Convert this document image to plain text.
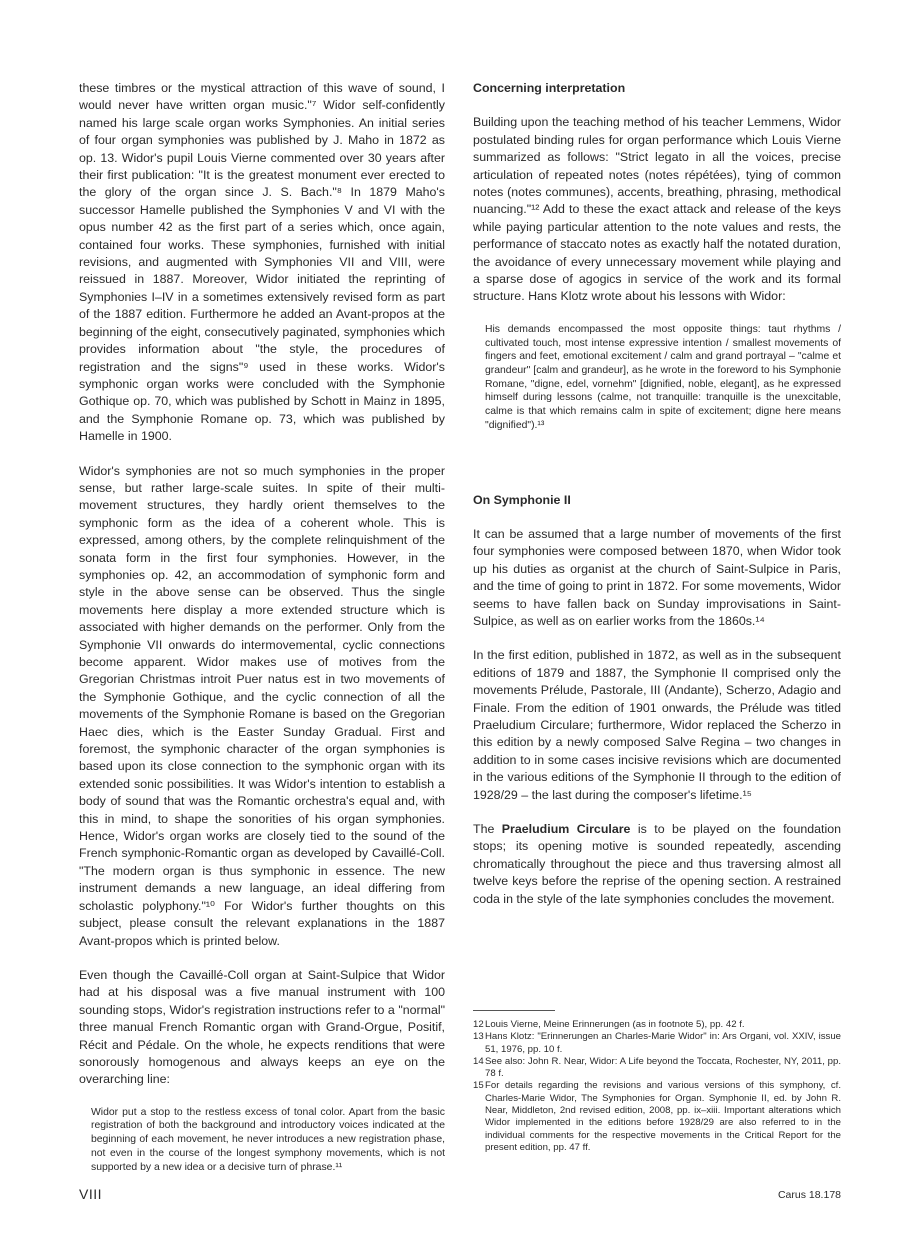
these timbres or the mystical attraction of this wave of sound, I would never have written organ music."⁷ Widor self-confidently named his large scale organ works Symphonies. An initial series of four organ symphonies was published by J. Maho in 1872 as op. 13. Widor's pupil Louis Vierne commented over 30 years after their first publication: "It is the greatest monument ever erected to the glory of the organ since J. S. Bach."⁸ In 1879 Maho's successor Hamelle published the Symphonies V and VI with the opus number 42 as the first part of a series which, once again, contained four works. These symphonies, furnished with initial revisions, and augmented with Symphonies VII and VIII, were reissued in 1887. Moreover, Widor initiated the reprinting of Symphonies I–IV in a sometimes extensively revised form as part of the 1887 edition. Furthermore he added an Avant-propos at the beginning of the eight, consecutively paginated, symphonies which provides information about "the style, the procedures of registration and the signs"⁹ used in these works. Widor's symphonic organ works were concluded with the Symphonie Gothique op. 70, which was published by Schott in Mainz in 1895, and the Symphonie Romane op. 73, which was published by Hamelle in 1900.

Widor's symphonies are not so much symphonies in the proper sense, but rather large-scale suites. In spite of their multi-movement structures, they hardly orient themselves to the symphonic form as the idea of a coherent whole. This is expressed, among others, by the complete relinquishment of the sonata form in the first four symphonies. However, in the symphonies op. 42, an accommodation of symphonic form and style in the above sense can be observed. Thus the single movements here display a more extended structure which is associated with higher demands on the performer. Only from the Symphonie VII onwards do intermovemental, cyclic connections become apparent. Widor makes use of motives from the Gregorian Christmas introit Puer natus est in two movements of the Symphonie Gothique, and the cyclic connection of all the movements of the Symphonie Romane is based on the Gregorian Haec dies, which is the Easter Sunday Gradual. First and foremost, the symphonic character of the organ symphonies is based upon its close connection to the symphonic organ with its extended sonic possibilities. It was Widor's intention to establish a body of sound that was the Romantic orchestra's equal and, with this in mind, to shape the sonorities of his organ symphonies. Hence, Widor's organ works are closely tied to the sound of the French symphonic-Romantic organ as developed by Cavaillé-Coll. "The modern organ is thus symphonic in essence. The new instrument demands a new language, an ideal differing from scholastic polyphony."¹⁰ For Widor's further thoughts on this subject, please consult the relevant explanations in the 1887 Avant-propos which is printed below.

Even though the Cavaillé-Coll organ at Saint-Sulpice that Widor had at his disposal was a five manual instrument with 100 sounding stops, Widor's registration instructions refer to a "normal" three manual French Romantic organ with Grand-Orgue, Positif, Récit and Pédale. On the whole, he expects renditions that were sonorously homogenous and always keeps an eye on the overarching line:

Widor put a stop to the restless excess of tonal color. Apart from the basic registration of both the background and introductory voices indicated at the beginning of each movement, he never introduces a new registration phase, not even in the course of the longest symphony movements, which is not supported by a new idea or a decisive turn of phrase.¹¹
Concerning interpretation

Building upon the teaching method of his teacher Lemmens, Widor postulated binding rules for organ performance which Louis Vierne summarized as follows: "Strict legato in all the voices, precise articulation of repeated notes (notes répétées), tying of common notes (notes communes), accents, breathing, phrasing, methodical nuancing."¹² Add to these the exact attack and release of the keys while paying particular attention to the note values and rests, the performance of staccato notes as exactly half the notated duration, the avoidance of every unnecessary movement while playing and a sparse dose of agogics in service of the work and its formal structure. Hans Klotz wrote about his lessons with Widor:

His demands encompassed the most opposite things: taut rhythms / cultivated touch, most intense expressive intention / smallest movements of fingers and feet, emotional excitement / calm and grand portrayal – "calme et grandeur" [calm and grandeur], as he wrote in the foreword to his Symphonie Romane, "digne, edel, vornehm" [dignified, noble, elegant], as he expressed himself during lessons (calme, not tranquille: tranquille is the unexcitable, calme is that which remains calm in spite of excitement; digne here means "dignified").¹³
On Symphonie II

It can be assumed that a large number of movements of the first four symphonies were composed between 1870, when Widor took up his duties as organist at the church of Saint-Sulpice in Paris, and the time of going to print in 1872. For some movements, Widor seems to have fallen back on Sunday improvisations in Saint-Sulpice, as well as on earlier works from the 1860s.¹⁴

In the first edition, published in 1872, as well as in the subsequent editions of 1879 and 1887, the Symphonie II comprised only the movements Prélude, Pastorale, III (Andante), Scherzo, Adagio and Finale. From the edition of 1901 onwards, the Prélude was titled Praeludium Circulare; furthermore, Widor replaced the Scherzo in this edition by a newly composed Salve Regina – two changes in addition to in some cases incisive revisions which are documented in the various editions of the Symphonie II through to the edition of 1928/29 – the last during the composer's lifetime.¹⁵

The Praeludium Circulare is to be played on the foundation stops; its opening motive is sounded repeatedly, ascending chromatically throughout the piece and thus traversing almost all twelve keys before the reprise of the opening section. A restrained coda in the style of the late symphonies concludes the movement.

12 Louis Vierne, Meine Erinnerungen (as in footnote 5), pp. 42 f.
13 Hans Klotz: "Erinnerungen an Charles-Marie Widor" in: Ars Organi, vol. XXIV, issue 51, 1976, pp. 10 f.
14 See also: John R. Near, Widor: A Life beyond the Toccata, Rochester, NY, 2011, pp. 78 f.
15 For details regarding the revisions and various versions of this symphony, cf. Charles-Marie Widor, The Symphonies for Organ. Symphonie II, ed. by John R. Near, Middleton, 2nd revised edition, 2008, pp. ix–xiii. Important alterations which Widor implemented in the editions before 1928/29 are also referred to in the individual comments for the respective movements in the Critical Report for the present edition, pp. 47 ff.
VIII	Carus 18.178
